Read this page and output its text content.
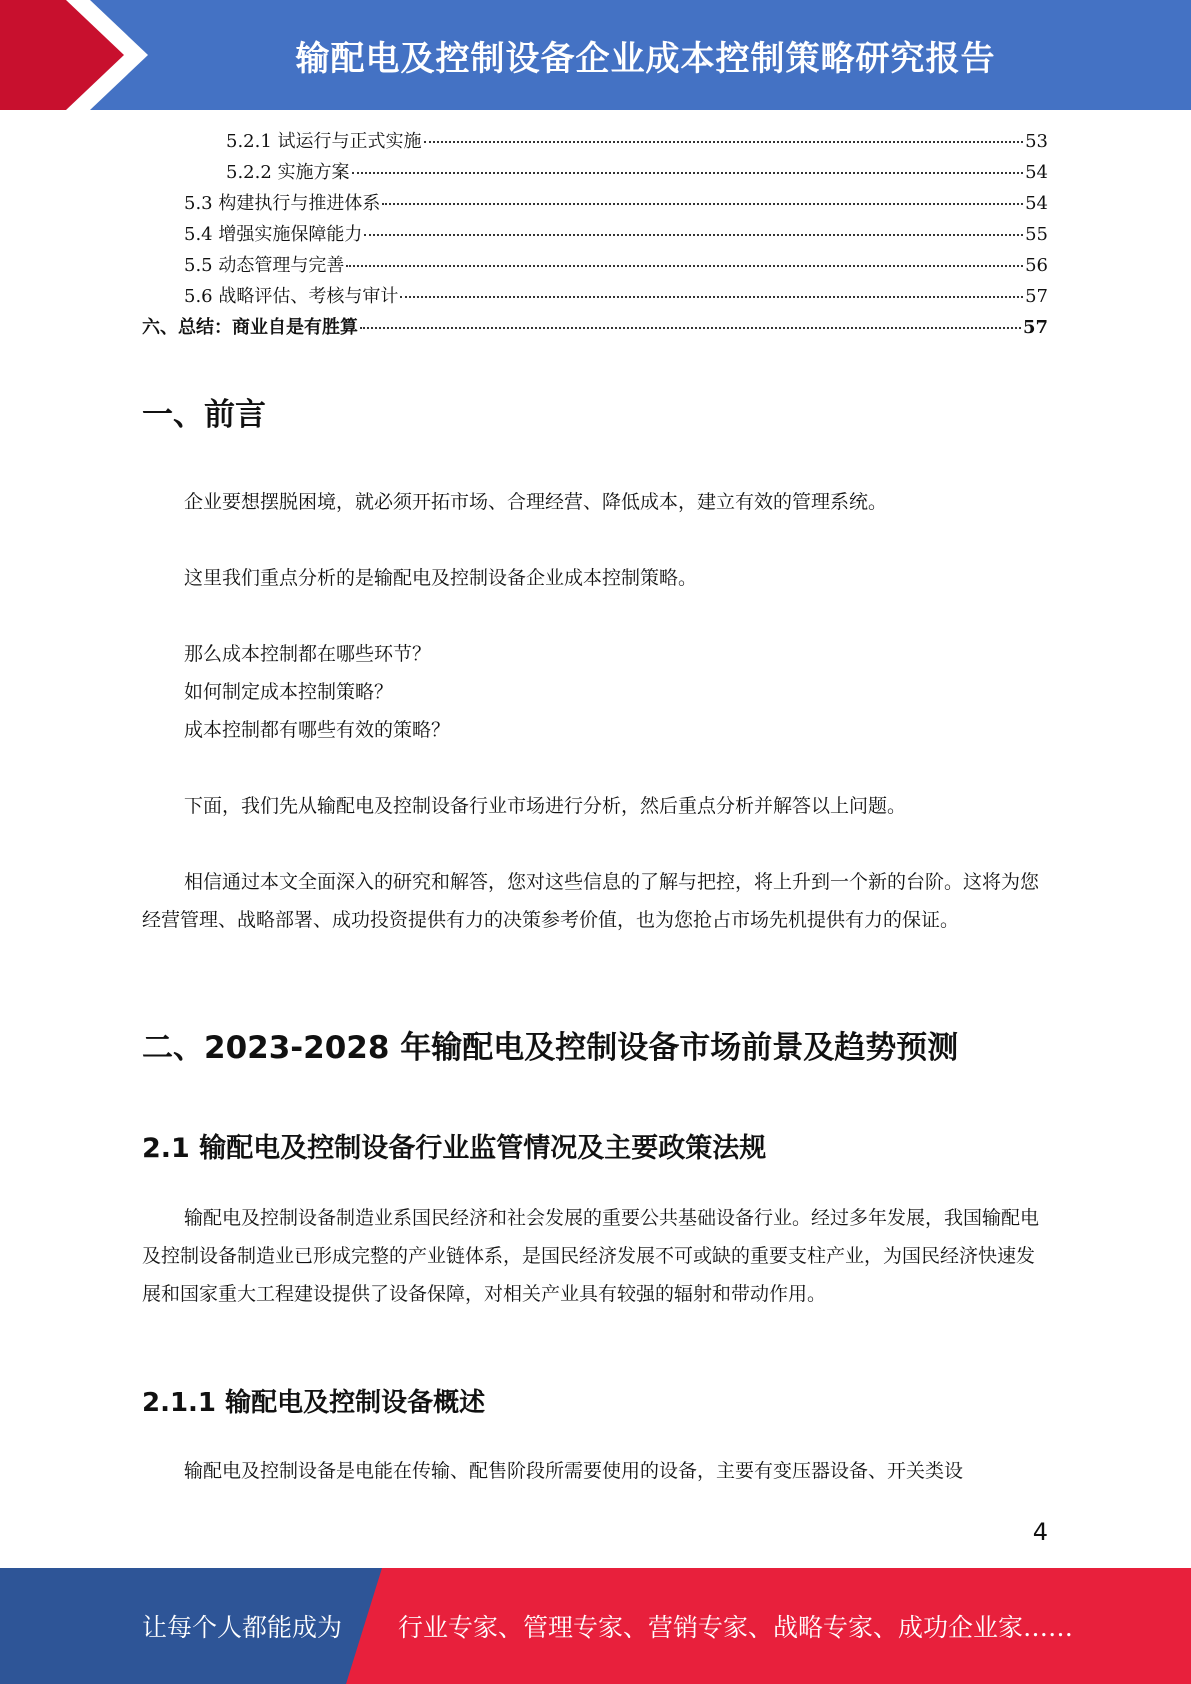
输配电及控制设备企业成本控制策略研究报告
5.2.1 试运行与正式实施	53
5.2.2 实施方案	54
5.3 构建执行与推进体系	54
5.4 增强实施保障能力	55
5.5 动态管理与完善	56
5.6 战略评估、考核与审计	57
六、总结：商业自是有胜算	57
一、前言

企业要想摆脱困境，就必须开拓市场、合理经营、降低成本，建立有效的管理系统。

这里我们重点分析的是输配电及控制设备企业成本控制策略。

那么成本控制都在哪些环节？

如何制定成本控制策略？

成本控制都有哪些有效的策略？

下面，我们先从输配电及控制设备行业市场进行分析，然后重点分析并解答以上问题。

相信通过本文全面深入的研究和解答，您对这些信息的了解与把控，将上升到一个新的台阶。这将为您经营管理、战略部署、成功投资提供有力的决策参考价值，也为您抢占市场先机提供有力的保证。

二、2023-2028 年输配电及控制设备市场前景及趋势预测
2.1 输配电及控制设备行业监管情况及主要政策法规

输配电及控制设备制造业系国民经济和社会发展的重要公共基础设备行业。经过多年发展，我国输配电及控制设备制造业已形成完整的产业链体系，是国民经济发展不可或缺的重要支柱产业，为国民经济快速发展和国家重大工程建设提供了设备保障，对相关产业具有较强的辐射和带动作用。

2.1.1 输配电及控制设备概述

输配电及控制设备是电能在传输、配售阶段所需要使用的设备，主要有变压器设备、开关类设

4
让每个人都能成为 行业专家、管理专家、营销专家、战略专家、成功企业家……
